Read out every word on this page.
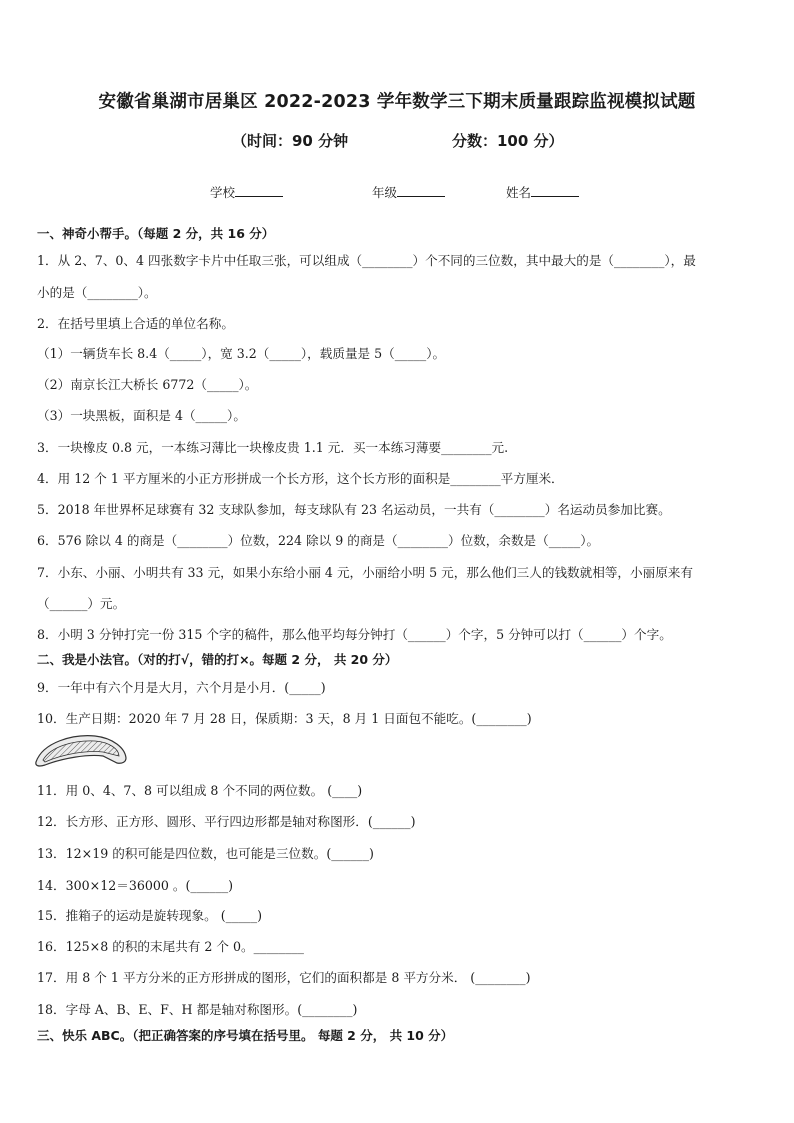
安徽省巢湖市居巢区 2022-2023 学年数学三下期末质量跟踪监视模拟试题
（时间：90 分钟	分数：100 分）
学校	年级	姓名
一、神奇小帮手。（每题 2 分，共 16 分）
1．从 2、7、0、4 四张数字卡片中任取三张，可以组成（________）个不同的三位数，其中最大的是（________），最
小的是（________）。
2．在括号里填上合适的单位名称。
（1）一辆货车长 8.4（_____），宽 3.2（_____），载质量是 5（_____）。
（2）南京长江大桥长 6772（_____）。
（3）一块黑板，面积是 4（_____）。
3．一块橡皮 0.8 元，一本练习薄比一块橡皮贵 1.1 元．买一本练习薄要________元.
4．用 12 个 1 平方厘米的小正方形拼成一个长方形，这个长方形的面积是________平方厘米．
5．2018 年世界杯足球赛有 32 支球队参加，每支球队有 23 名运动员，一共有（________）名运动员参加比赛。
6．576 除以 4 的商是（________）位数，224 除以 9 的商是（________）位数，余数是（_____）。
7．小东、小丽、小明共有 33 元，如果小东给小丽 4 元，小丽给小明 5 元，那么他们三人的钱数就相等，小丽原来有
（______）元。
8．小明 3 分钟打完一份 315 个字的稿件，那么他平均每分钟打（______）个字，5 分钟可以打（______）个字。
二、我是小法官。（对的打√，错的打×。每题 2 分， 共 20 分）
9．一年中有六个月是大月，六个月是小月．(_____)
10．生产日期：2020 年 7 月 28 日，保质期：3 天，8 月 1 日面包不能吃。(________)
11．用 0、4、7、8 可以组成 8 个不同的两位数。 (____)
12．长方形、正方形、圆形、平行四边形都是轴对称图形．(______)
13．12×19 的积可能是四位数，也可能是三位数。(______)
14．300×12＝36000 。(______)
15．推箱子的运动是旋转现象。 (_____)
16．125×8 的积的末尾共有 2 个 0。________
17．用 8 个 1 平方分米的正方形拼成的图形，它们的面积都是 8 平方分米． (________)
18．字母 A、B、E、F、H 都是轴对称图形。(________)
三、快乐 ABC。（把正确答案的序号填在括号里。 每题 2 分， 共 10 分）
